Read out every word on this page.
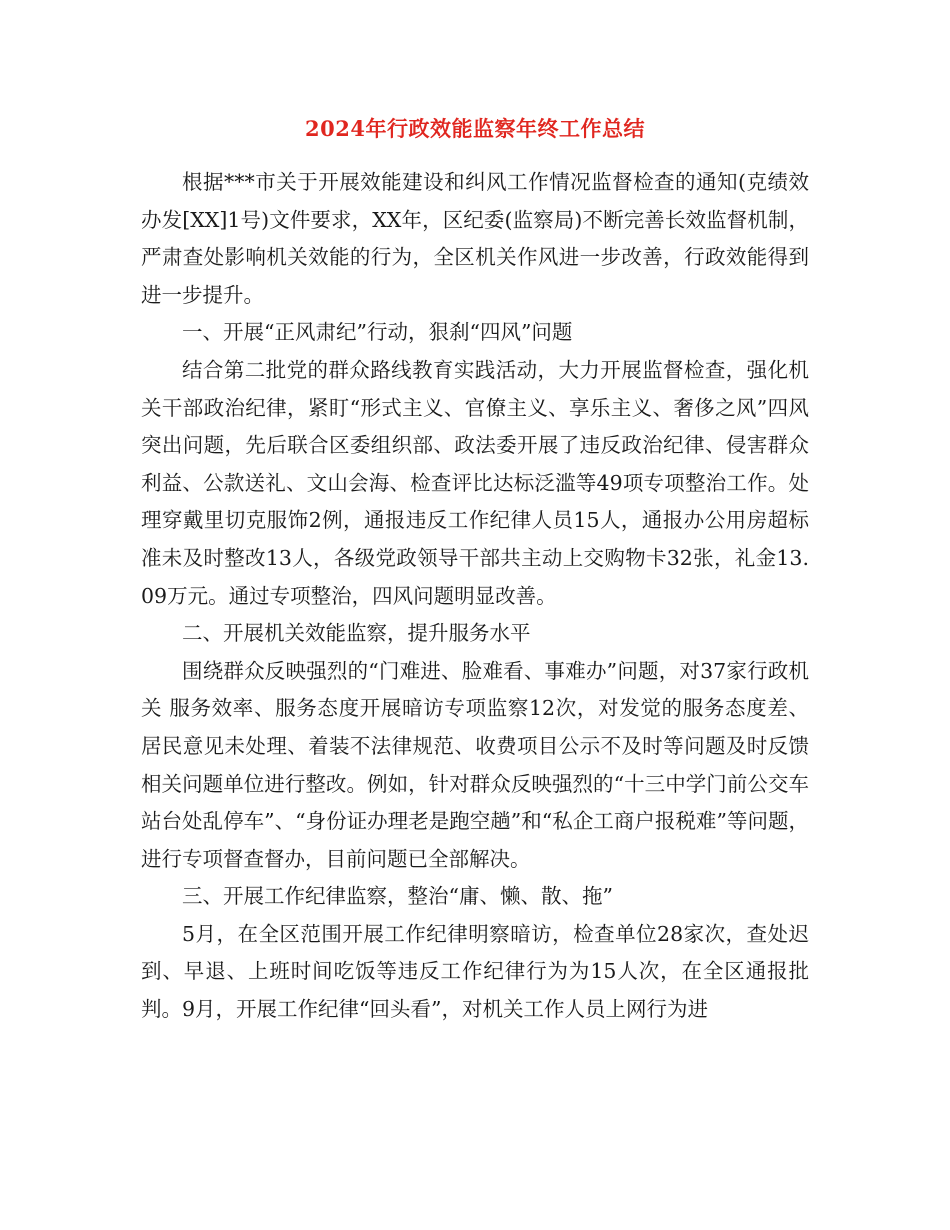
2024年行政效能监察年终工作总结

根据***市关于开展效能建设和纠风工作情况监督检查的通知(克绩效办发[XX]1号)文件要求，XX年，区纪委(监察局)不断完善长效监督机制，严肃查处影响机关效能的行为，全区机关作风进一步改善，行政效能得到进一步提升。

一、开展“正风肃纪”行动，狠刹“四风”问题

结合第二批党的群众路线教育实践活动，大力开展监督检查，强化机关干部政治纪律，紧盯“形式主义、官僚主义、享乐主义、奢侈之风”四风突出问题，先后联合区委组织部、政法委开展了违反政治纪律、侵害群众利益、公款送礼、文山会海、检查评比达标泛滥等49项专项整治工作。处理穿戴里切克服饰2例，通报违反工作纪律人员15人，通报办公用房超标准未及时整改13人，各级党政领导干部共主动上交购物卡32张，礼金13.09万元。通过专项整治，四风问题明显改善。

二、开展机关效能监察，提升服务水平

围绕群众反映强烈的“门难进、脸难看、事难办”问题，对37家行政机关 服务效率、服务态度开展暗访专项监察12次，对发觉的服务态度差、居民意见未处理、着装不法律规范、收费项目公示不及时等问题及时反馈相关问题单位进行整改。例如，针对群众反映强烈的“十三中学门前公交车站台处乱停车”、“身份证办理老是跑空趟”和“私企工商户报税难”等问题，进行专项督查督办，目前问题已全部解决。

三、开展工作纪律监察，整治“庸、懒、散、拖”

5月，在全区范围开展工作纪律明察暗访，检查单位28家次，查处迟到、早退、上班时间吃饭等违反工作纪律行为为15人次，在全区通报批判。9月，开展工作纪律“回头看”，对机关工作人员上网行为进
